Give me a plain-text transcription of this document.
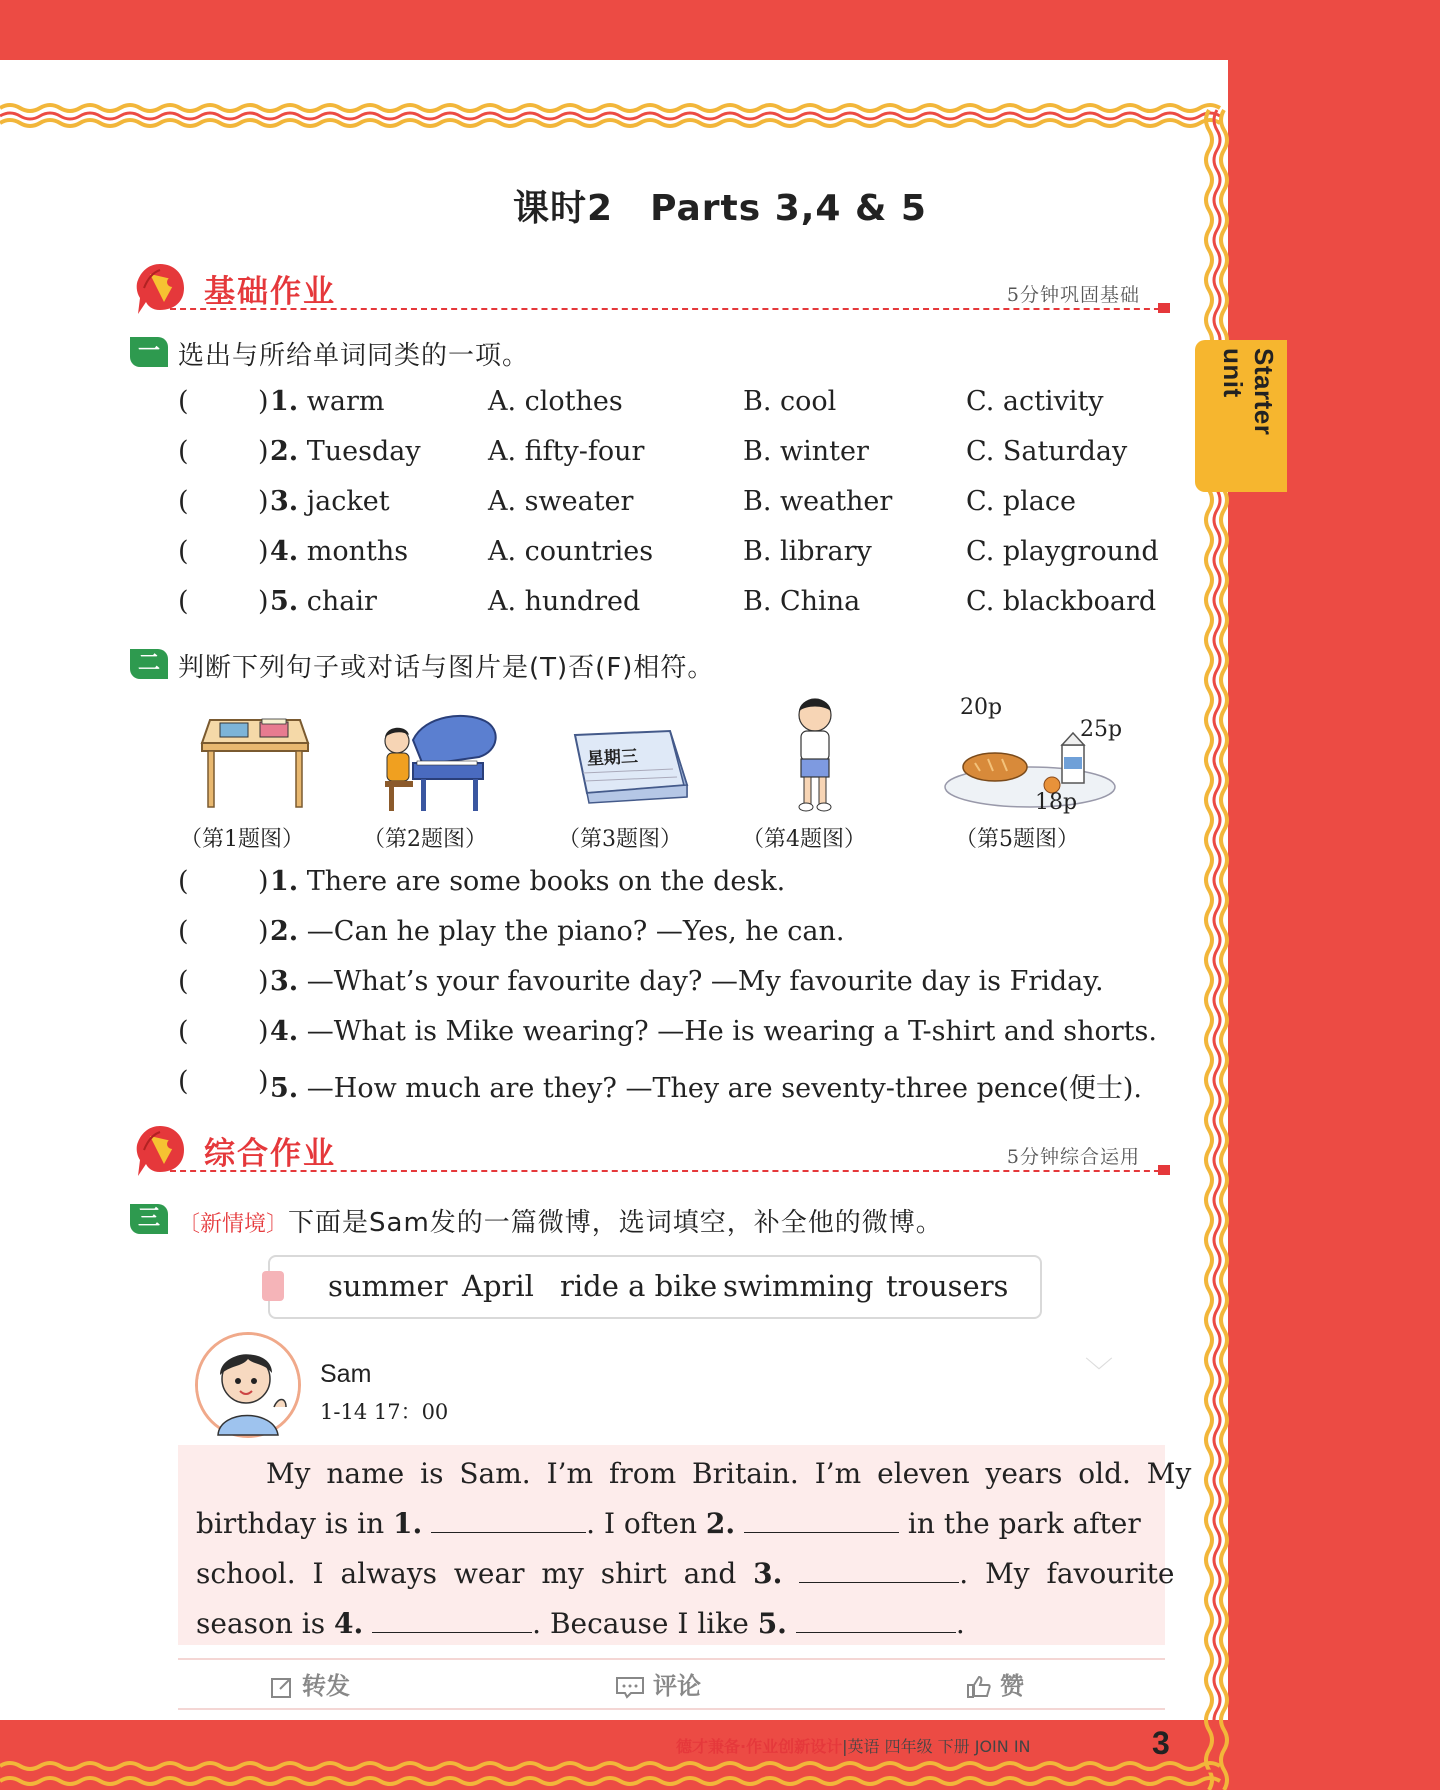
课时2　Parts 3,4 & 5
基础作业	5分钟巩固基础
一 选出与所给单词同类的一项。
(	) 1. warm	A. clothes	B. cool	C. activity
(	) 2. Tuesday A. fifty-four	B. winter	C. Saturday
(	) 3. jacket	A. sweater	B. weather	C. place
(	) 4. months	A. countries	B. library	C. playground
(	) 5. chair	A. hundred	B. China	C. blackboard
二 判断下列句子或对话与图片是(T)否(F)相符。
星期三
20p
25p
18p
（第1题图）	（第2题图）	（第3题图）	（第4题图）	（第5题图）
(	) 1. There are some books on the desk.
(	) 2. —Can he play the piano? —Yes, he can.
(	) 3. —What’s your favourite day? —My favourite day is Friday.
(	) 4. —What is Mike wearing? —He is wearing a T-shirt and shorts.
(	) 5. —How much are they? —They are seventy-three pence(便士).
综合作业	5分钟综合运用
三 〔新情境〕下面是Sam发的一篇微博，选词填空，补全他的微博。
summer April ride a bike swimming trousers
Sam
1-14 17：00
﹀

My name is Sam. I’m from Britain. I’m eleven years old. My

birthday is in 1.	. I often 2.	in the park after

school. I always wear my shirt and 3.	. My favourite

season is 4.	. Because I like 5.	.

转发	评论	赞
德才兼备·作业创新设计|英语 四年级 下册 JOIN IN	3
Starter unit
